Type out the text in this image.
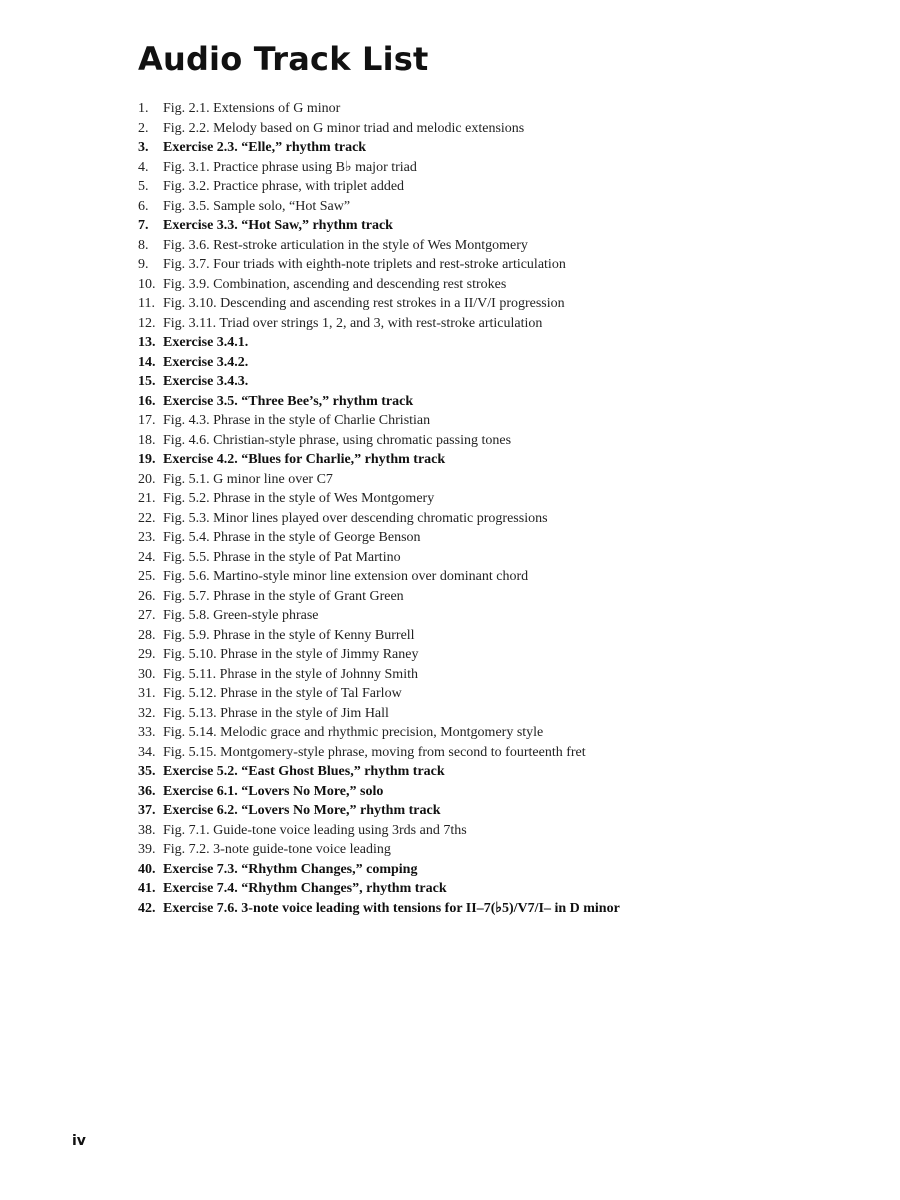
Audio Track List
1. Fig. 2.1. Extensions of G minor
2. Fig. 2.2. Melody based on G minor triad and melodic extensions
3. Exercise 2.3. “Elle,” rhythm track
4. Fig. 3.1. Practice phrase using B♭ major triad
5. Fig. 3.2. Practice phrase, with triplet added
6. Fig. 3.5. Sample solo, “Hot Saw”
7. Exercise 3.3. “Hot Saw,” rhythm track
8. Fig. 3.6. Rest-stroke articulation in the style of Wes Montgomery
9. Fig. 3.7. Four triads with eighth-note triplets and rest-stroke articulation
10. Fig. 3.9. Combination, ascending and descending rest strokes
11. Fig. 3.10. Descending and ascending rest strokes in a II/V/I progression
12. Fig. 3.11. Triad over strings 1, 2, and 3, with rest-stroke articulation
13. Exercise 3.4.1.
14. Exercise 3.4.2.
15. Exercise 3.4.3.
16. Exercise 3.5. “Three Bee’s,” rhythm track
17. Fig. 4.3. Phrase in the style of Charlie Christian
18. Fig. 4.6. Christian-style phrase, using chromatic passing tones
19. Exercise 4.2. “Blues for Charlie,” rhythm track
20. Fig. 5.1. G minor line over C7
21. Fig. 5.2. Phrase in the style of Wes Montgomery
22. Fig. 5.3. Minor lines played over descending chromatic progressions
23. Fig. 5.4. Phrase in the style of George Benson
24. Fig. 5.5. Phrase in the style of Pat Martino
25. Fig. 5.6. Martino-style minor line extension over dominant chord
26. Fig. 5.7. Phrase in the style of Grant Green
27. Fig. 5.8. Green-style phrase
28. Fig. 5.9. Phrase in the style of Kenny Burrell
29. Fig. 5.10. Phrase in the style of Jimmy Raney
30. Fig. 5.11. Phrase in the style of Johnny Smith
31. Fig. 5.12. Phrase in the style of Tal Farlow
32. Fig. 5.13. Phrase in the style of Jim Hall
33. Fig. 5.14. Melodic grace and rhythmic precision, Montgomery style
34. Fig. 5.15. Montgomery-style phrase, moving from second to fourteenth fret
35. Exercise 5.2. “East Ghost Blues,” rhythm track
36. Exercise 6.1. “Lovers No More,” solo
37. Exercise 6.2. “Lovers No More,” rhythm track
38. Fig. 7.1. Guide-tone voice leading using 3rds and 7ths
39. Fig. 7.2. 3-note guide-tone voice leading
40. Exercise 7.3. “Rhythm Changes,” comping
41. Exercise 7.4. “Rhythm Changes”, rhythm track
42. Exercise 7.6. 3-note voice leading with tensions for II–7(♭5)/V7/I– in D minor
iv
